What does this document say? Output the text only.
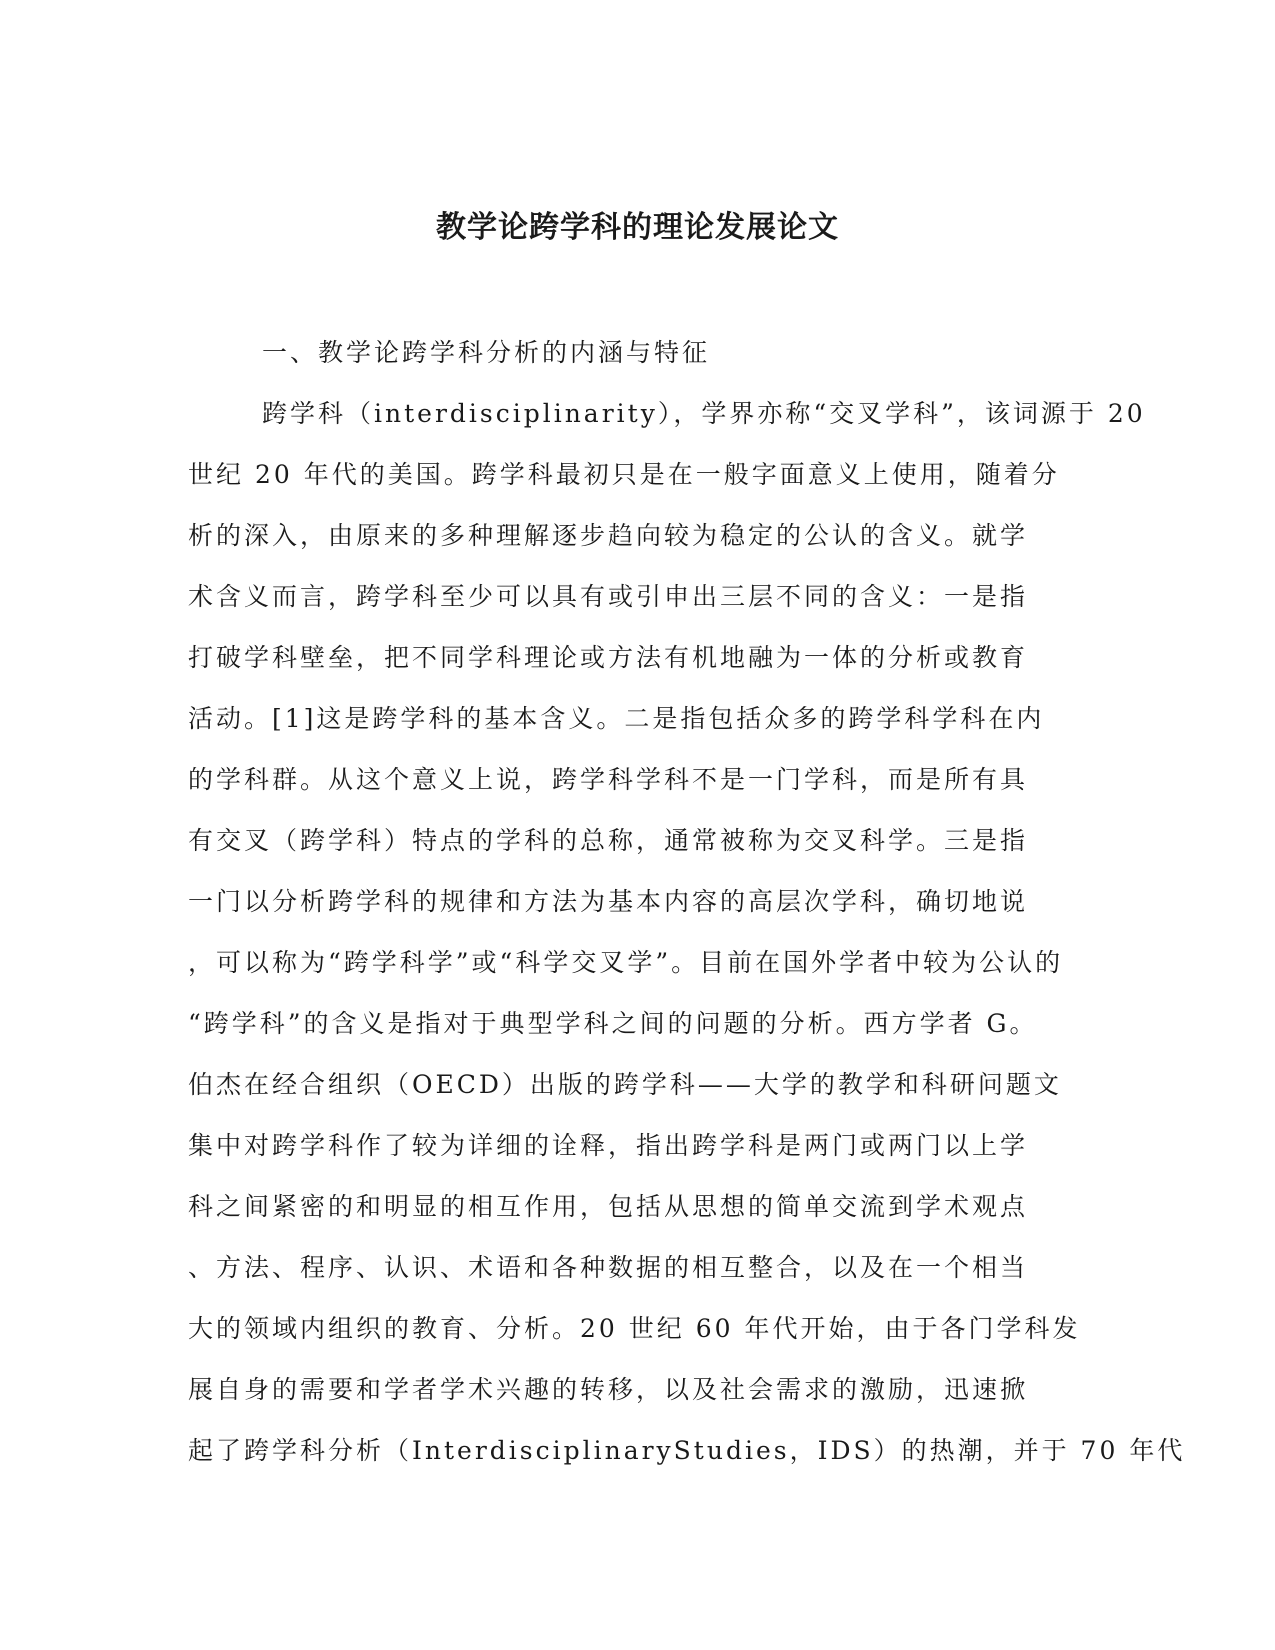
教学论跨学科的理论发展论文
一、教学论跨学科分析的内涵与特征
跨学科（interdisciplinarity），学界亦称“交叉学科”，该词源于 20
世纪 20 年代的美国。跨学科最初只是在一般字面意义上使用，随着分
析的深入，由原来的多种理解逐步趋向较为稳定的公认的含义。就学
术含义而言，跨学科至少可以具有或引申出三层不同的含义：一是指
打破学科壁垒，把不同学科理论或方法有机地融为一体的分析或教育
活动。[1]这是跨学科的基本含义。二是指包括众多的跨学科学科在内
的学科群。从这个意义上说，跨学科学科不是一门学科，而是所有具
有交叉（跨学科）特点的学科的总称，通常被称为交叉科学。三是指
一门以分析跨学科的规律和方法为基本内容的高层次学科，确切地说
，可以称为“跨学科学”或“科学交叉学”。目前在国外学者中较为公认的
“跨学科”的含义是指对于典型学科之间的问题的分析。西方学者 G。
伯杰在经合组织（OECD）出版的跨学科——大学的教学和科研问题文
集中对跨学科作了较为详细的诠释，指出跨学科是两门或两门以上学
科之间紧密的和明显的相互作用，包括从思想的简单交流到学术观点
、方法、程序、认识、术语和各种数据的相互整合，以及在一个相当
大的领域内组织的教育、分析。20 世纪 60 年代开始，由于各门学科发
展自身的需要和学者学术兴趣的转移，以及社会需求的激励，迅速掀
起了跨学科分析（InterdisciplinaryStudies，IDS）的热潮，并于 70 年代
